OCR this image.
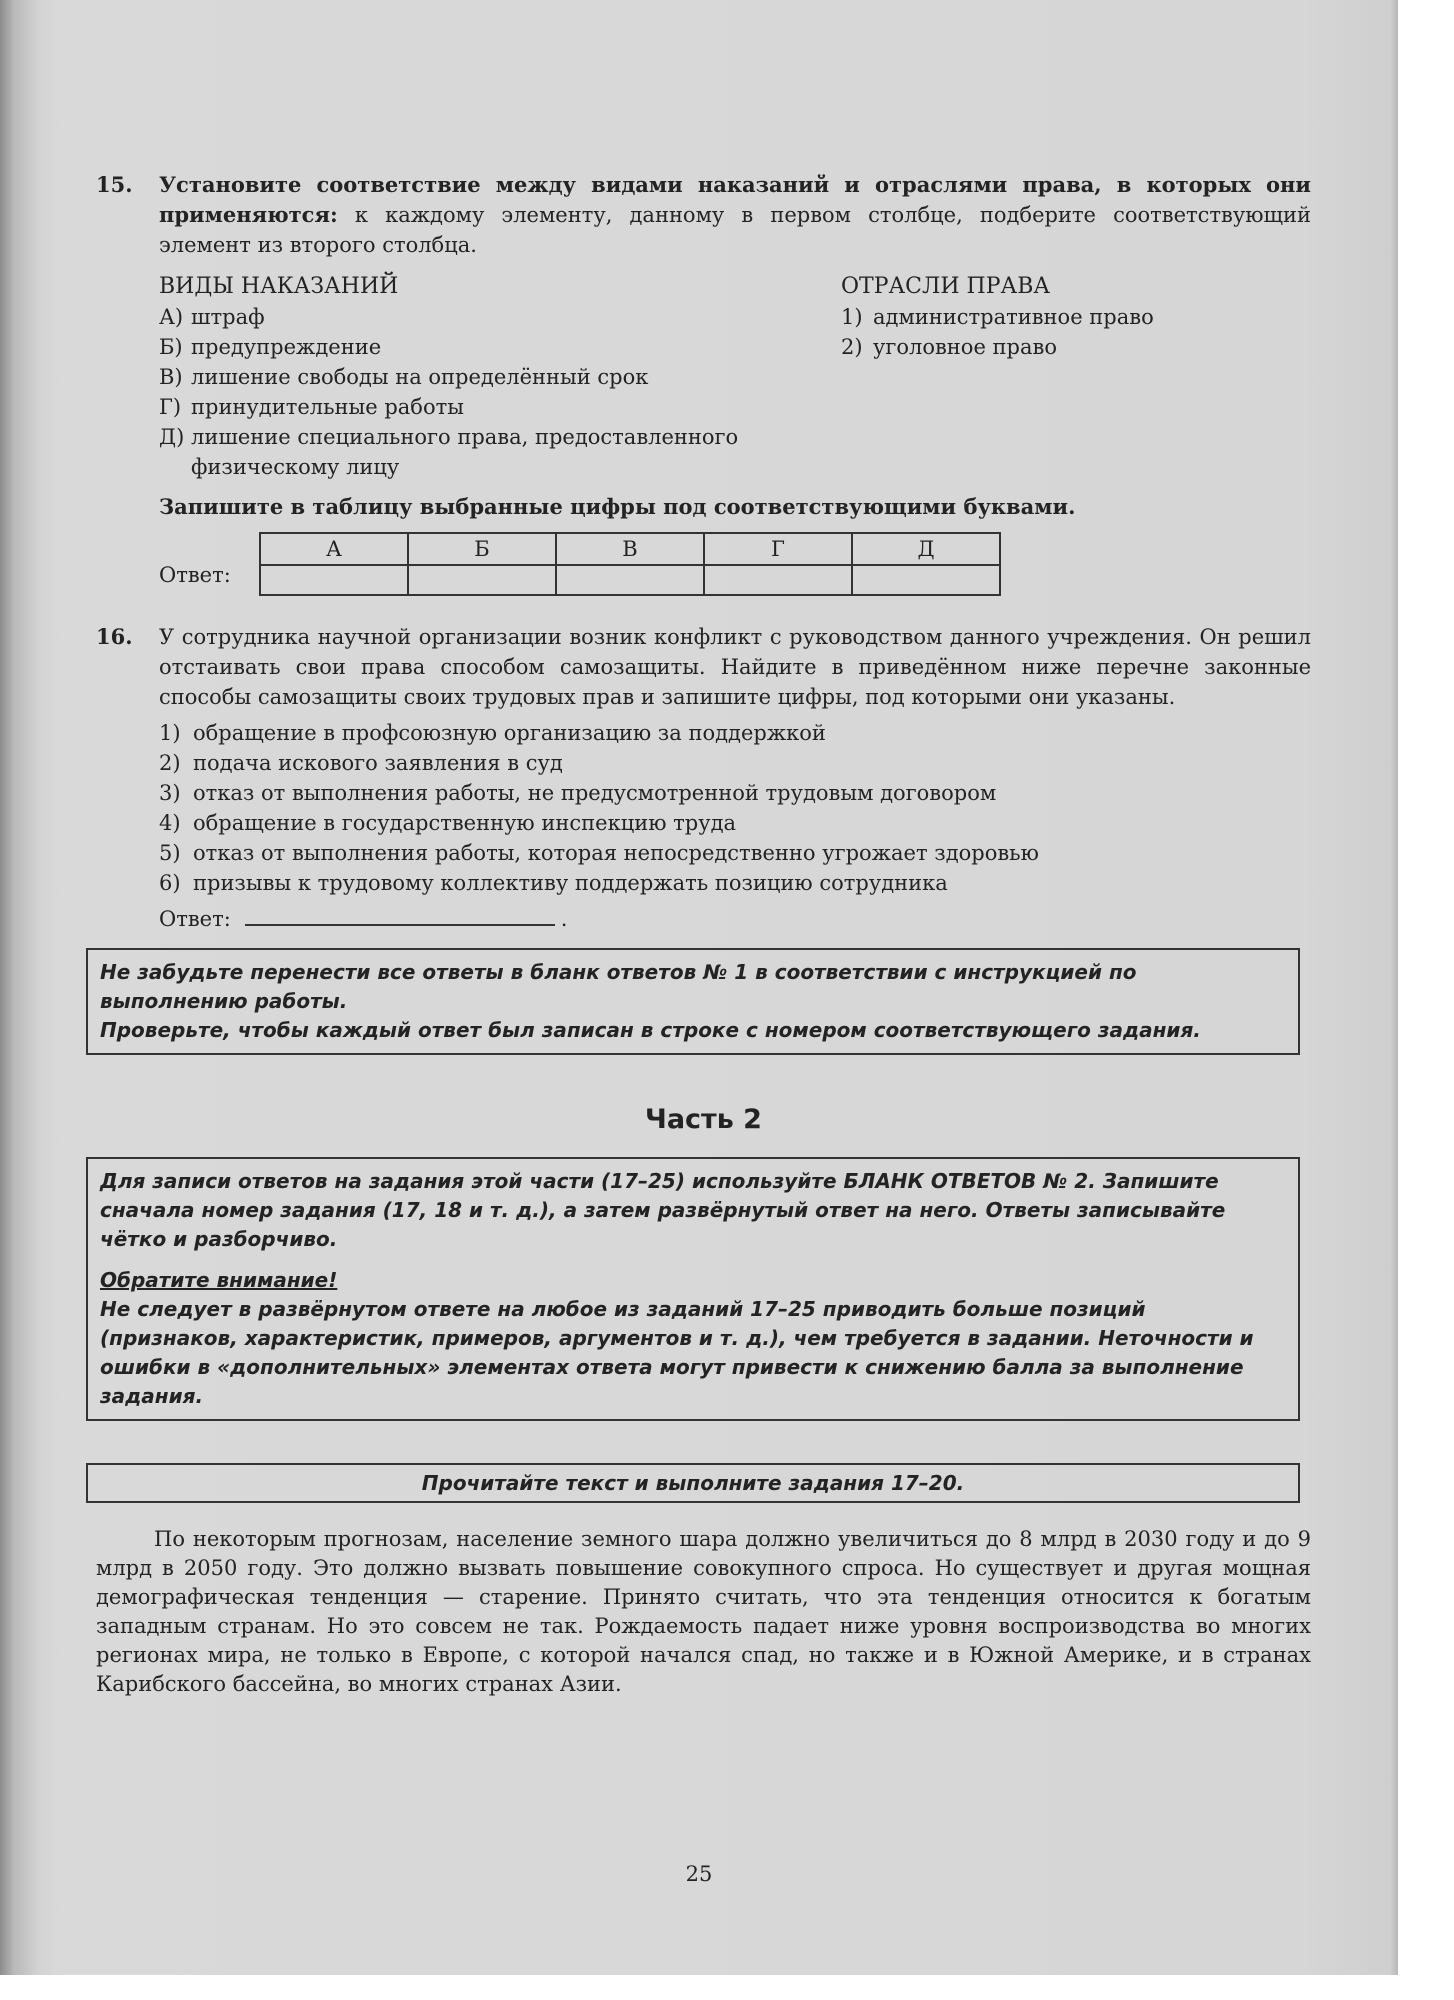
15. Установите соответствие между видами наказаний и отраслями права, в которых они применяются: к каждому элементу, данному в первом столбце, подберите соответствующий элемент из второго столбца.

ВИДЫ НАКАЗАНИЙ
А) штраф
Б) предупреждение
В) лишение свободы на определённый срок
Г) принудительные работы
Д) лишение специального права, предоставленного физическому лицу
ОТРАСЛИ ПРАВА
1) административное право
2) уголовное право

Запишите в таблицу выбранные цифры под соответствующими буквами.

Ответ:
А	Б	В	Г	Д

16. У сотрудника научной организации возник конфликт с руководством данного учреждения. Он решил отстаивать свои права способом самозащиты. Найдите в приведённом ниже перечне законные способы самозащиты своих трудовых прав и запишите цифры, под которыми они указаны.

1) обращение в профсоюзную организацию за поддержкой
2) подача искового заявления в суд
3) отказ от выполнения работы, не предусмотренной трудовым договором
4) обращение в государственную инспекцию труда
5) отказ от выполнения работы, которая непосредственно угрожает здоровью
6) призывы к трудовому коллективу поддержать позицию сотрудника
Ответ:	.

Не забудьте перенести все ответы в бланк ответов № 1 в соответствии с инструкцией по выполнению работы.

Проверьте, чтобы каждый ответ был записан в строке с номером соответствующего задания.

Часть 2

Для записи ответов на задания этой части (17–25) используйте БЛАНК ОТВЕТОВ № 2. Запишите сначала номер задания (17, 18 и т. д.), а затем развёрнутый ответ на него. Ответы записывайте чётко и разборчиво.

Обратите внимание!

Не следует в развёрнутом ответе на любое из заданий 17–25 приводить больше позиций (признаков, характеристик, примеров, аргументов и т. д.), чем требуется в задании. Неточности и ошибки в «дополнительных» элементах ответа могут привести к снижению балла за выполнение задания.

Прочитайте текст и выполните задания 17–20.

По некоторым прогнозам, население земного шара должно увеличиться до 8 млрд в 2030 году и до 9 млрд в 2050 году. Это должно вызвать повышение совокупного спроса. Но существует и другая мощная демографическая тенденция — старение. Принято считать, что эта тенденция относится к богатым западным странам. Но это совсем не так. Рождаемость падает ниже уровня воспроизводства во многих регионах мира, не только в Европе, с которой начался спад, но также и в Южной Америке, и в странах Карибского бассейна, во многих странах Азии.

25
